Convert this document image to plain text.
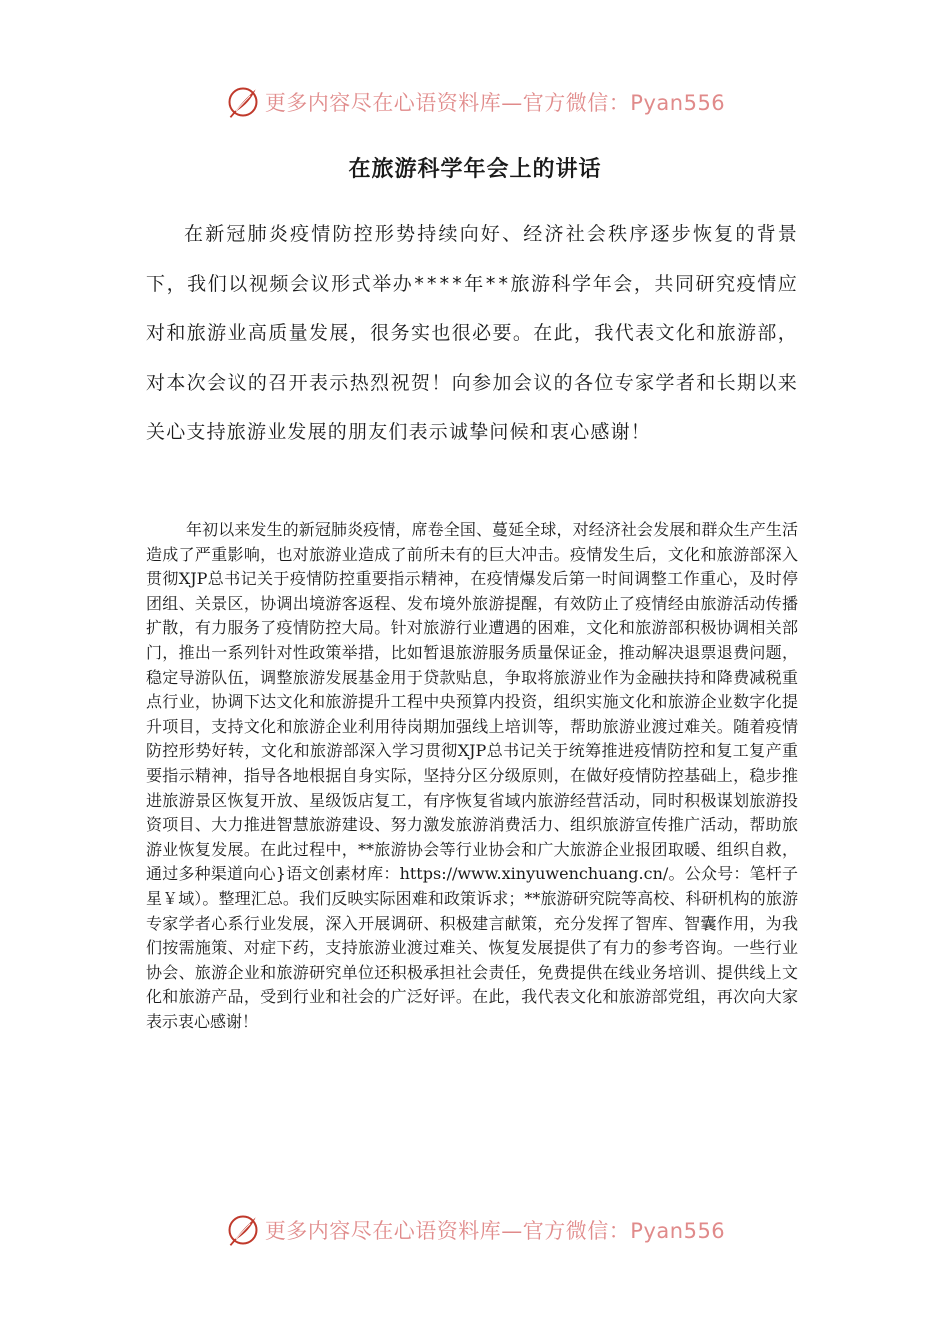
更多内容尽在心语资料库—官方微信：Pyan556
在旅游科学年会上的讲话

在新冠肺炎疫情防控形势持续向好、经济社会秩序逐步恢复的背景下，我们以视频会议形式举办****年**旅游科学年会，共同研究疫情应对和旅游业高质量发展，很务实也很必要。在此，我代表文化和旅游部，对本次会议的召开表示热烈祝贺！向参加会议的各位专家学者和长期以来关心支持旅游业发展的朋友们表示诚挚问候和衷心感谢！

年初以来发生的新冠肺炎疫情，席卷全国、蔓延全球，对经济社会发展和群众生产生活造成了严重影响，也对旅游业造成了前所未有的巨大冲击。疫情发生后，文化和旅游部深入贯彻XJP总书记关于疫情防控重要指示精神，在疫情爆发后第一时间调整工作重心，及时停团组、关景区，协调出境游客返程、发布境外旅游提醒，有效防止了疫情经由旅游活动传播扩散，有力服务了疫情防控大局。针对旅游行业遭遇的困难，文化和旅游部积极协调相关部门，推出一系列针对性政策举措，比如暂退旅游服务质量保证金，推动解决退票退费问题，稳定导游队伍，调整旅游发展基金用于贷款贴息，争取将旅游业作为金融扶持和降费减税重点行业，协调下达文化和旅游提升工程中央预算内投资，组织实施文化和旅游企业数字化提升项目，支持文化和旅游企业利用待岗期加强线上培训等，帮助旅游业渡过难关。随着疫情防控形势好转，文化和旅游部深入学习贯彻XJP总书记关于统筹推进疫情防控和复工复产重要指示精神，指导各地根据自身实际，坚持分区分级原则，在做好疫情防控基础上，稳步推进旅游景区恢复开放、星级饭店复工，有序恢复省域内旅游经营活动，同时积极谋划旅游投资项目、大力推进智慧旅游建设、努力激发旅游消费活力、组织旅游宣传推广活动，帮助旅游业恢复发展。在此过程中，**旅游协会等行业协会和广大旅游企业报团取暖、组织自救，通过多种渠道向心}语文创素材库：https://www.xinyuwenchuang.cn/。公众号：笔杆子星￥域）。整理汇总。我们反映实际困难和政策诉求；**旅游研究院等高校、科研机构的旅游专家学者心系行业发展，深入开展调研、积极建言献策，充分发挥了智库、智囊作用，为我们按需施策、对症下药，支持旅游业渡过难关、恢复发展提供了有力的参考咨询。一些行业协会、旅游企业和旅游研究单位还积极承担社会责任，免费提供在线业务培训、提供线上文化和旅游产品，受到行业和社会的广泛好评。在此，我代表文化和旅游部党组，再次向大家表示衷心感谢！

更多内容尽在心语资料库—官方微信：Pyan556
